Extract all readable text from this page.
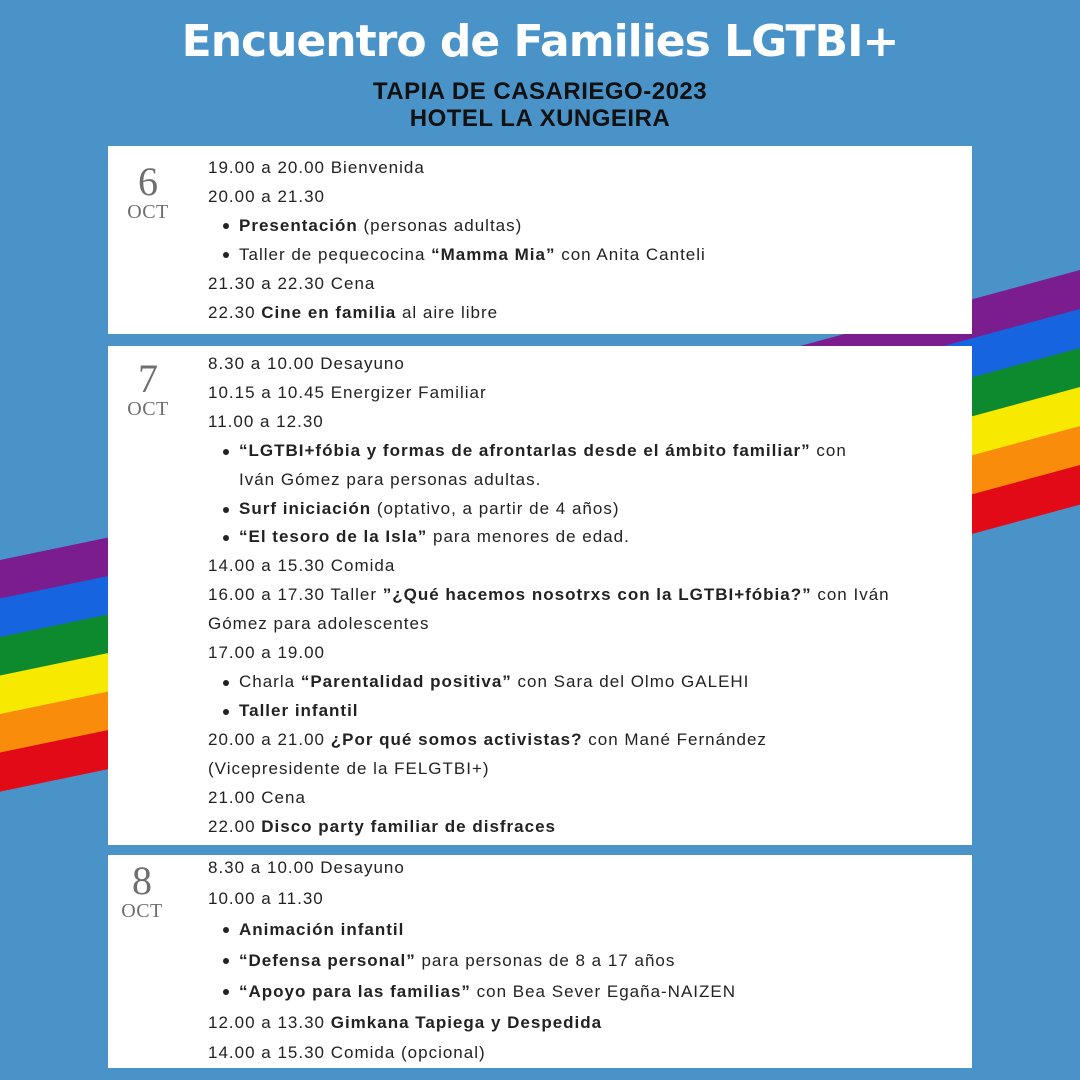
Encuentro de Families LGTBI+
TAPIA DE CASARIEGO-2023
HOTEL LA XUNGEIRA
6
OCT
19.00 a 20.00 Bienvenida
20.00 a 21.30
Presentación (personas adultas)
Taller de pequecocina “Mamma Mia” con Anita Canteli
21.30 a 22.30 Cena
22.30 Cine en familia al aire libre
7
OCT
8.30 a 10.00 Desayuno
10.15 a 10.45 Energizer Familiar
11.00 a 12.30
“LGTBI+fóbia y formas de afrontarlas desde el ámbito familiar” con
Iván Gómez para personas adultas.
Surf iniciación (optativo, a partir de 4 años)
“El tesoro de la Isla” para menores de edad.
14.00 a 15.30 Comida
16.00 a 17.30 Taller ”¿Qué hacemos nosotrxs con la LGTBI+fóbia?” con Iván
Gómez para adolescentes
17.00 a 19.00
Charla “Parentalidad positiva” con Sara del Olmo GALEHI
Taller infantil
20.00 a 21.00 ¿Por qué somos activistas? con Mané Fernández
(Vicepresidente de la FELGTBI+)
21.00 Cena
22.00 Disco party familiar de disfraces
8
OCT
8.30 a 10.00 Desayuno
10.00 a 11.30
Animación infantil
“Defensa personal” para personas de 8 a 17 años
“Apoyo para las familias” con Bea Sever Egaña-NAIZEN
12.00 a 13.30 Gimkana Tapiega y Despedida
14.00 a 15.30 Comida (opcional)
